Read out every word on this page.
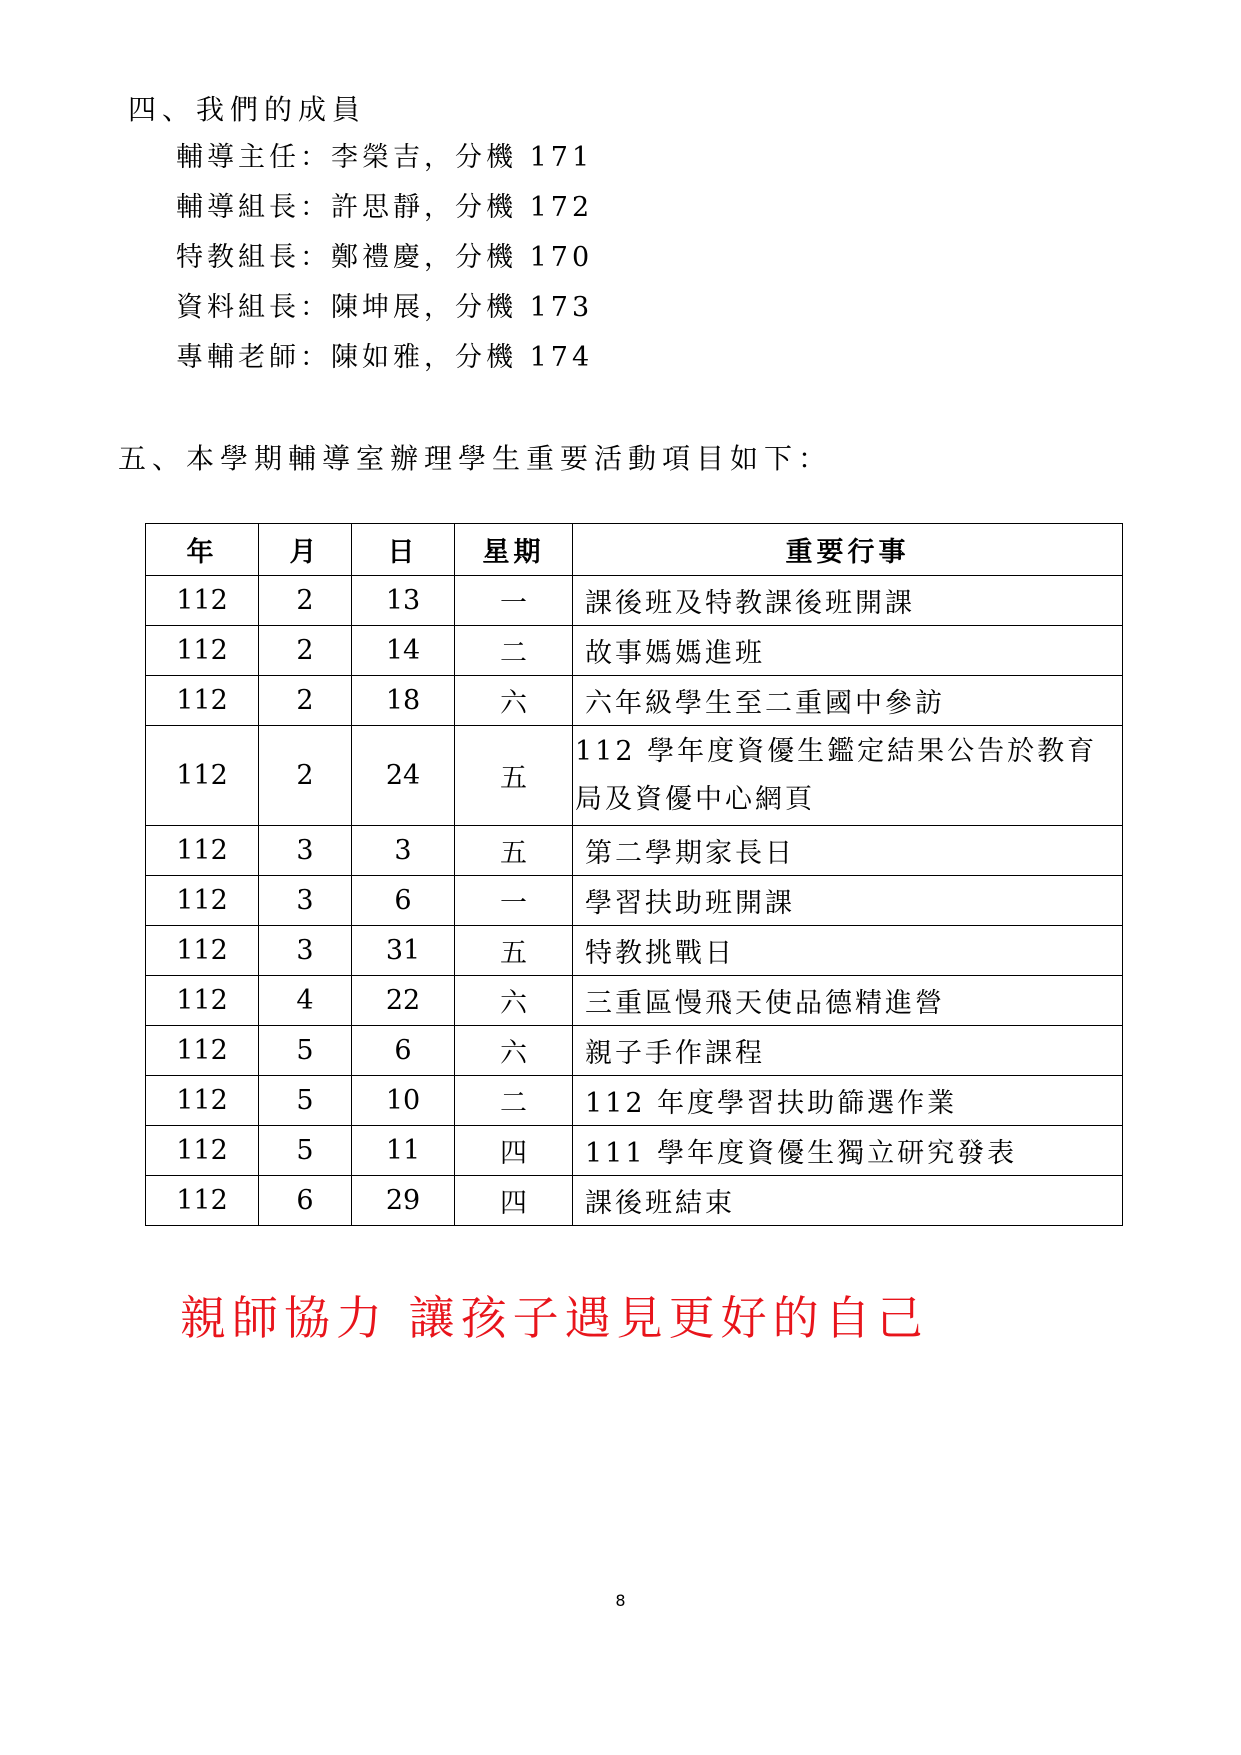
四、我們的成員
輔導主任：李榮吉，分機 171
輔導組長：許思靜，分機 172
特教組長：鄭禮慶，分機 170
資料組長：陳坤展，分機 173
專輔老師：陳如雅，分機 174
五、本學期輔導室辦理學生重要活動項目如下：
年	月	日	星期	重要行事
112	2	13	一	課後班及特教課後班開課
112	2	14	二	故事媽媽進班
112	2	18	六	六年級學生至二重國中參訪
112	2	24	五	112 學年度資優生鑑定結果公告於教育局及資優中心網頁
112	3	3	五	第二學期家長日
112	3	6	一	學習扶助班開課
112	3	31	五	特教挑戰日
112	4	22	六	三重區慢飛天使品德精進營
112	5	6	六	親子手作課程
112	5	10	二	112 年度學習扶助篩選作業
112	5	11	四	111 學年度資優生獨立研究發表
112	6	29	四	課後班結束
親師協力 讓孩子遇見更好的自己
8
